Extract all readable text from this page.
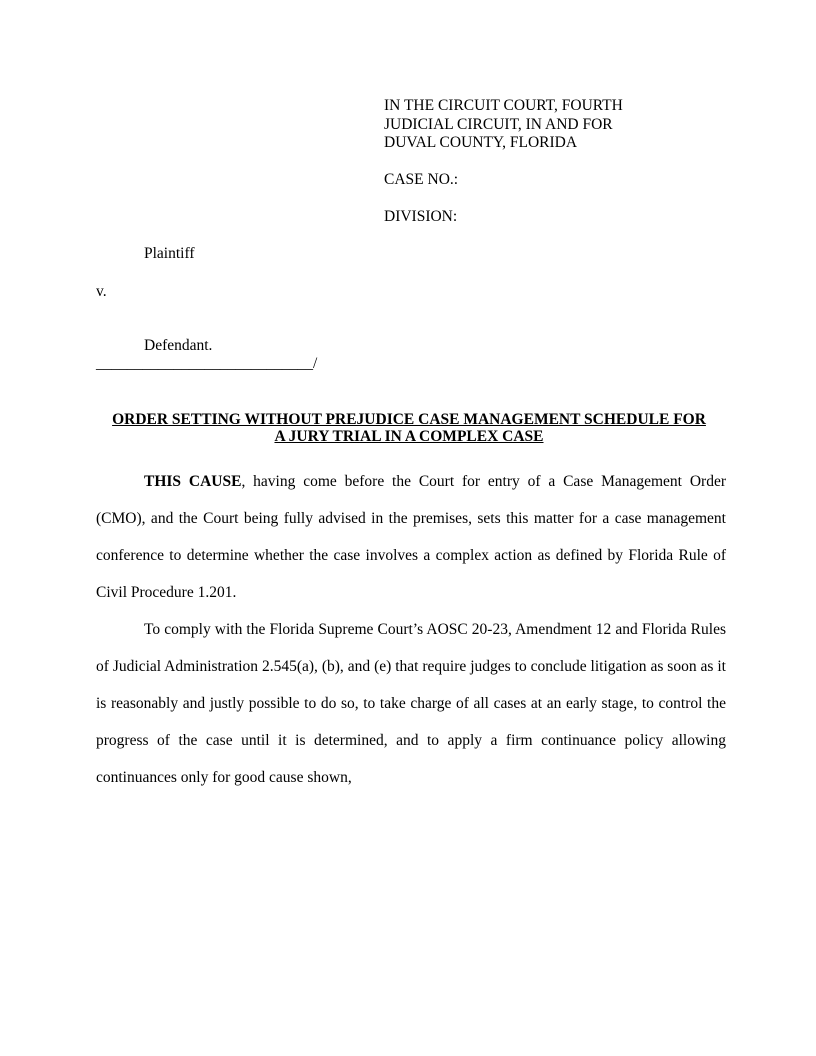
IN THE CIRCUIT COURT, FOURTH
JUDICIAL CIRCUIT, IN AND FOR
DUVAL COUNTY, FLORIDA
CASE NO.:
DIVISION:
Plaintiff
v.
Defendant.
____________________________/
ORDER SETTING WITHOUT PREJUDICE CASE MANAGEMENT SCHEDULE FOR
A JURY TRIAL IN A COMPLEX CASE

THIS CAUSE, having come before the Court for entry of a Case Management Order (CMO), and the Court being fully advised in the premises, sets this matter for a case management conference to determine whether the case involves a complex action as defined by Florida Rule of Civil Procedure 1.201.

To comply with the Florida Supreme Court’s AOSC 20-23, Amendment 12 and Florida Rules of Judicial Administration 2.545(a), (b), and (e) that require judges to conclude litigation as soon as it is reasonably and justly possible to do so, to take charge of all cases at an early stage, to control the progress of the case until it is determined, and to apply a firm continuance policy allowing continuances only for good cause shown,
